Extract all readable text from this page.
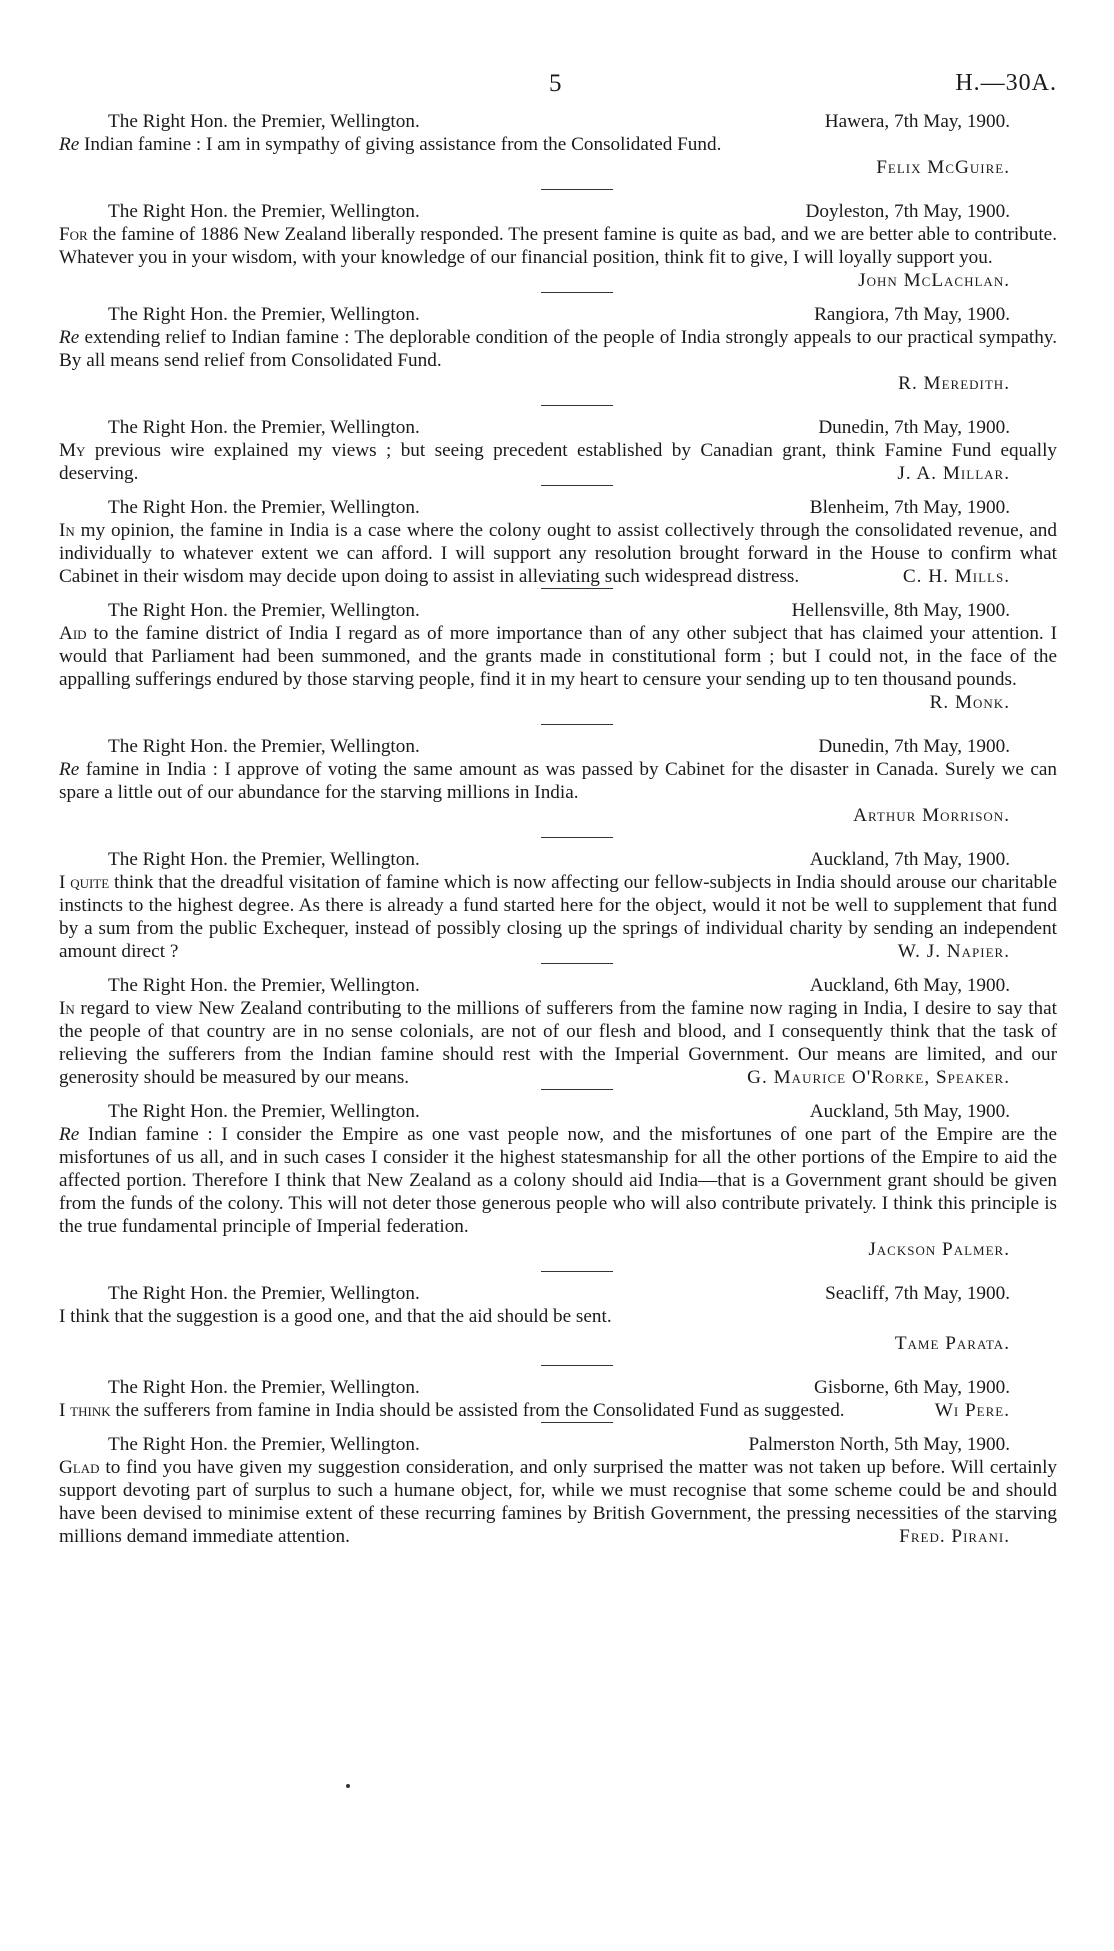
5	H.—30A.
The Right Hon. the Premier, Wellington.	Hawera, 7th May, 1900.
Re Indian famine : I am in sympathy of giving assistance from the Consolidated Fund.
Felix McGuire.
The Right Hon. the Premier, Wellington.	Doyleston, 7th May, 1900.
For the famine of 1886 New Zealand liberally responded. The present famine is quite as bad, and we are better able to contribute. Whatever you in your wisdom, with your knowledge of our financial position, think fit to give, I will loyally support you.
John McLachlan.
The Right Hon. the Premier, Wellington.	Rangiora, 7th May, 1900.
Re extending relief to Indian famine : The deplorable condition of the people of India strongly appeals to our practical sympathy. By all means send relief from Consolidated Fund.
R. Meredith.
The Right Hon. the Premier, Wellington.	Dunedin, 7th May, 1900.
My previous wire explained my views ; but seeing precedent established by Canadian grant, think Famine Fund equally deserving.	J. A. Millar.
The Right Hon. the Premier, Wellington.	Blenheim, 7th May, 1900.
In my opinion, the famine in India is a case where the colony ought to assist collectively through the consolidated revenue, and individually to whatever extent we can afford. I will support any resolution brought forward in the House to confirm what Cabinet in their wisdom may decide upon doing to assist in alleviating such widespread distress.	C. H. Mills.
The Right Hon. the Premier, Wellington.	Hellensville, 8th May, 1900.
Aid to the famine district of India I regard as of more importance than of any other subject that has claimed your attention. I would that Parliament had been summoned, and the grants made in constitutional form ; but I could not, in the face of the appalling sufferings endured by those starving people, find it in my heart to censure your sending up to ten thousand pounds.
R. Monk.
The Right Hon. the Premier, Wellington.	Dunedin, 7th May, 1900.
Re famine in India : I approve of voting the same amount as was passed by Cabinet for the disaster in Canada. Surely we can spare a little out of our abundance for the starving millions in India.
Arthur Morrison.
The Right Hon. the Premier, Wellington.	Auckland, 7th May, 1900.
I quite think that the dreadful visitation of famine which is now affecting our fellow-subjects in India should arouse our charitable instincts to the highest degree. As there is already a fund started here for the object, would it not be well to supplement that fund by a sum from the public Exchequer, instead of possibly closing up the springs of individual charity by sending an independent amount direct ?	W. J. Napier.
The Right Hon. the Premier, Wellington.	Auckland, 6th May, 1900.
In regard to view New Zealand contributing to the millions of sufferers from the famine now raging in India, I desire to say that the people of that country are in no sense colonials, are not of our flesh and blood, and I consequently think that the task of relieving the sufferers from the Indian famine should rest with the Imperial Government. Our means are limited, and our generosity should be measured by our means.	G. Maurice O'Rorke, Speaker.
The Right Hon. the Premier, Wellington.	Auckland, 5th May, 1900.
Re Indian famine : I consider the Empire as one vast people now, and the misfortunes of one part of the Empire are the misfortunes of us all, and in such cases I consider it the highest statesmanship for all the other portions of the Empire to aid the affected portion. Therefore I think that New Zealand as a colony should aid India—that is a Government grant should be given from the funds of the colony. This will not deter those generous people who will also contribute privately. I think this principle is the true fundamental principle of Imperial federation.
Jackson Palmer.
The Right Hon. the Premier, Wellington.	Seacliff, 7th May, 1900.
I think that the suggestion is a good one, and that the aid should be sent.
Tame Parata.
The Right Hon. the Premier, Wellington.	Gisborne, 6th May, 1900.
I think the sufferers from famine in India should be assisted from the Consolidated Fund as suggested.	Wi Pere.
The Right Hon. the Premier, Wellington.	Palmerston North, 5th May, 1900.
Glad to find you have given my suggestion consideration, and only surprised the matter was not taken up before. Will certainly support devoting part of surplus to such a humane object, for, while we must recognise that some scheme could be and should have been devised to minimise extent of these recurring famines by British Government, the pressing necessities of the starving millions demand immediate attention.	Fred. Pirani.
